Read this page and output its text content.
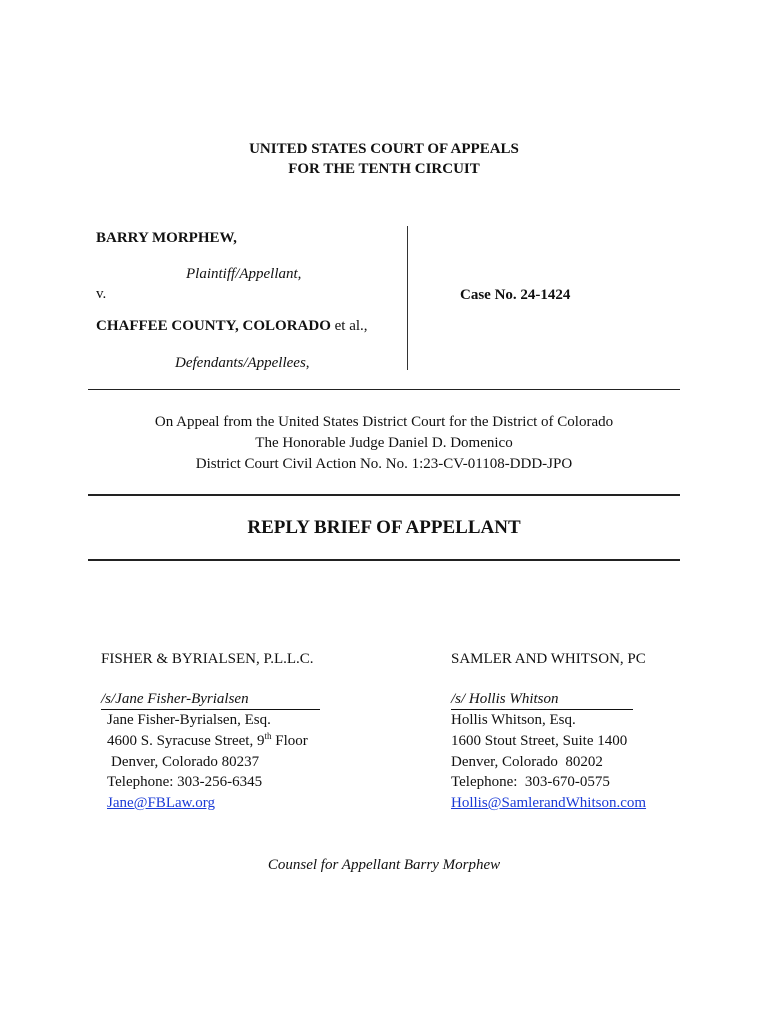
UNITED STATES COURT OF APPEALS
FOR THE TENTH CIRCUIT
BARRY MORPHEW,
Plaintiff/Appellant,
v.
CHAFFEE COUNTY, COLORADO et al.,
Defendants/Appellees,
Case No. 24-1424
On Appeal from the United States District Court for the District of Colorado
The Honorable Judge Daniel D. Domenico
District Court Civil Action No. No. 1:23-CV-01108-DDD-JPO
REPLY BRIEF OF APPELLANT
FISHER & BYRIALSEN, P.L.L.C.
/s/Jane Fisher-Byrialsen
Jane Fisher-Byrialsen, Esq.
4600 S. Syracuse Street, 9th Floor
Denver, Colorado 80237
Telephone: 303-256-6345
Jane@FBLaw.org
SAMLER AND WHITSON, PC
/s/ Hollis Whitson
Hollis Whitson, Esq.
1600 Stout Street, Suite 1400
Denver, Colorado  80202
Telephone:  303-670-0575
Hollis@SamlerandWhitson.com
Counsel for Appellant Barry Morphew
